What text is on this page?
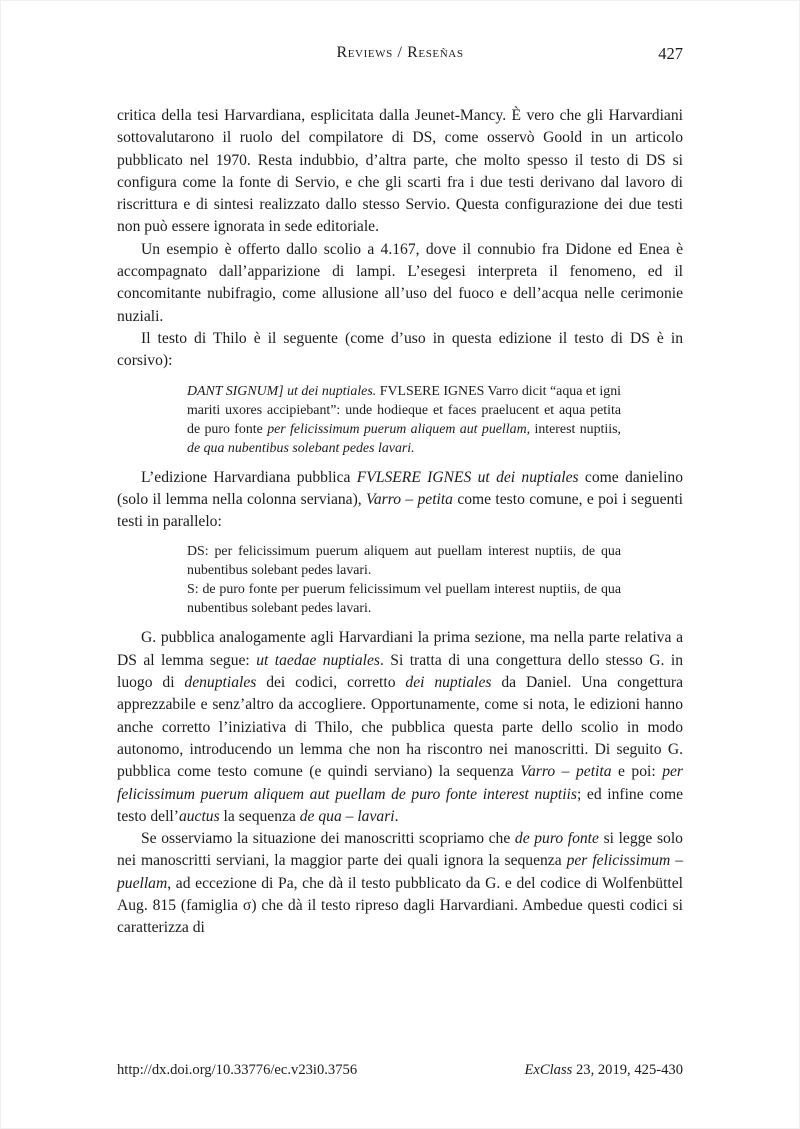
Reviews / Reseñas	427

critica della tesi Harvardiana, esplicitata dalla Jeunet-Mancy. È vero che gli Harvardiani sottovalutarono il ruolo del compilatore di DS, come osservò Goold in un articolo pubblicato nel 1970. Resta indubbio, d’altra parte, che molto spesso il testo di DS si configura come la fonte di Servio, e che gli scarti fra i due testi derivano dal lavoro di riscrittura e di sintesi realizzato dallo stesso Servio. Questa configurazione dei due testi non può essere ignorata in sede editoriale.

Un esempio è offerto dallo scolio a 4.167, dove il connubio fra Didone ed Enea è accompagnato dall’apparizione di lampi. L’esegesi interpreta il fenomeno, ed il concomitante nubifragio, come allusione all’uso del fuoco e dell’acqua nelle cerimonie nuziali.

Il testo di Thilo è il seguente (come d’uso in questa edizione il testo di DS è in corsivo):

DANT SIGNUM] ut dei nuptiales. FVLSERE IGNES Varro dicit “aqua et igni mariti uxores accipiebant”: unde hodieque et faces praelucent et aqua petita de puro fonte per felicissimum puerum aliquem aut puellam, interest nuptiis, de qua nubentibus solebant pedes lavari.

L’edizione Harvardiana pubblica FVLSERE IGNES ut dei nuptiales come danielino (solo il lemma nella colonna serviana), Varro – petita come testo comune, e poi i seguenti testi in parallelo:

DS: per felicissimum puerum aliquem aut puellam interest nuptiis, de qua nubentibus solebant pedes lavari.

S: de puro fonte per puerum felicissimum vel puellam interest nuptiis, de qua nubentibus solebant pedes lavari.

G. pubblica analogamente agli Harvardiani la prima sezione, ma nella parte relativa a DS al lemma segue: ut taedae nuptiales. Si tratta di una congettura dello stesso G. in luogo di denuptiales dei codici, corretto dei nuptiales da Daniel. Una congettura apprezzabile e senz’altro da accogliere. Opportunamente, come si nota, le edizioni hanno anche corretto l’iniziativa di Thilo, che pubblica questa parte dello scolio in modo autonomo, introducendo un lemma che non ha riscontro nei manoscritti. Di seguito G. pubblica come testo comune (e quindi serviano) la sequenza Varro – petita e poi: per felicissimum puerum aliquem aut puellam de puro fonte interest nuptiis; ed infine come testo dell’auctus la sequenza de qua – lavari.

Se osserviamo la situazione dei manoscritti scopriamo che de puro fonte si legge solo nei manoscritti serviani, la maggior parte dei quali ignora la sequenza per felicissimum – puellam, ad eccezione di Pa, che dà il testo pubblicato da G. e del codice di Wolfenbüttel Aug. 815 (famiglia σ) che dà il testo ripreso dagli Harvardiani. Ambedue questi codici si caratterizza di

http://dx.doi.org/10.33776/ec.v23i0.3756	ExClass 23, 2019, 425-430
